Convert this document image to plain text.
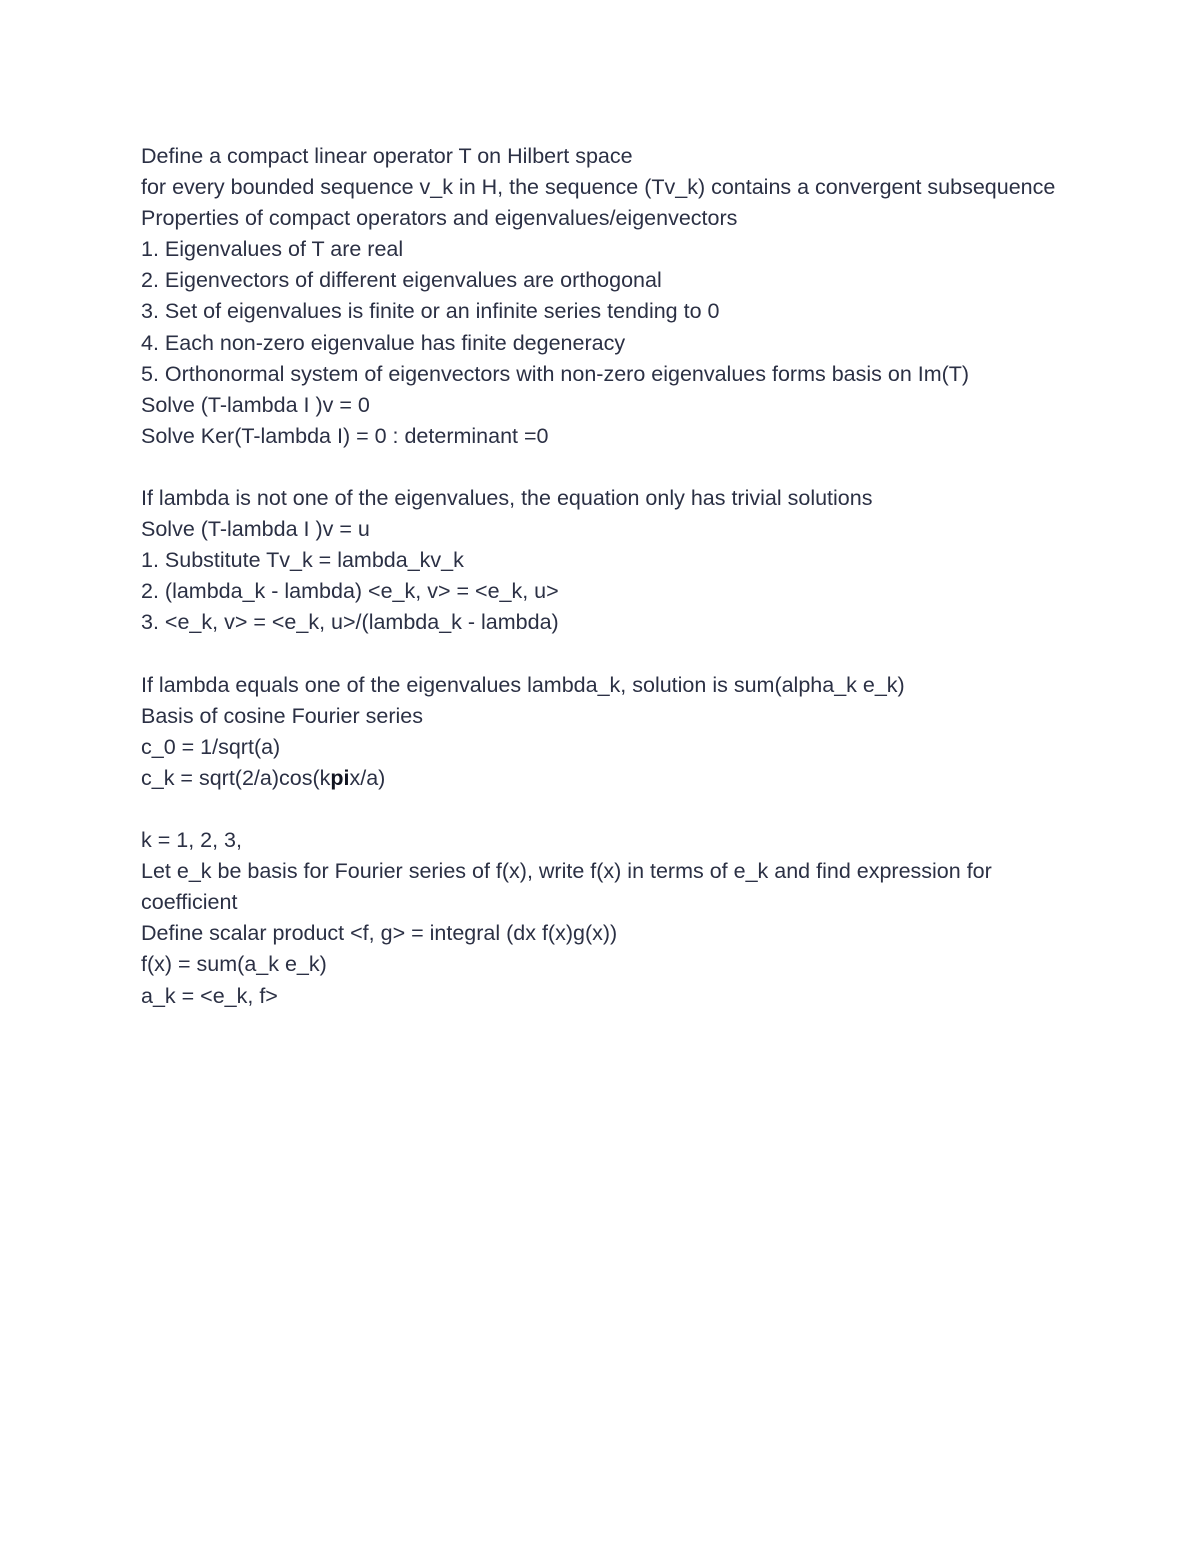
Define a compact linear operator T on Hilbert space
for every bounded sequence v_k in H, the sequence (Tv_k) contains a convergent subsequence
Properties of compact operators and eigenvalues/eigenvectors
1. Eigenvalues of T are real
2. Eigenvectors of different eigenvalues are orthogonal
3. Set of eigenvalues is finite or an infinite series tending to 0
4. Each non-zero eigenvalue has finite degeneracy
5. Orthonormal system of eigenvectors with non-zero eigenvalues forms basis on Im(T)
Solve (T-lambda I )v = 0
Solve Ker(T-lambda I) = 0 : determinant =0
If lambda is not one of the eigenvalues, the equation only has trivial solutions
Solve (T-lambda I )v = u
1. Substitute Tv_k = lambda_kv_k
2. (lambda_k - lambda) <e_k, v> = <e_k, u>
3. <e_k, v> = <e_k, u>/(lambda_k - lambda)
If lambda equals one of the eigenvalues lambda_k, solution is sum(alpha_k e_k)
Basis of cosine Fourier series
c_0 = 1/sqrt(a)
c_k = sqrt(2/a)cos(kpix/a)
k = 1, 2, 3,
Let e_k be basis for Fourier series of f(x), write f(x) in terms of e_k and find expression for coefficient
Define scalar product <f, g> = integral (dx f(x)g(x))
f(x) = sum(a_k e_k)
a_k = <e_k, f>
